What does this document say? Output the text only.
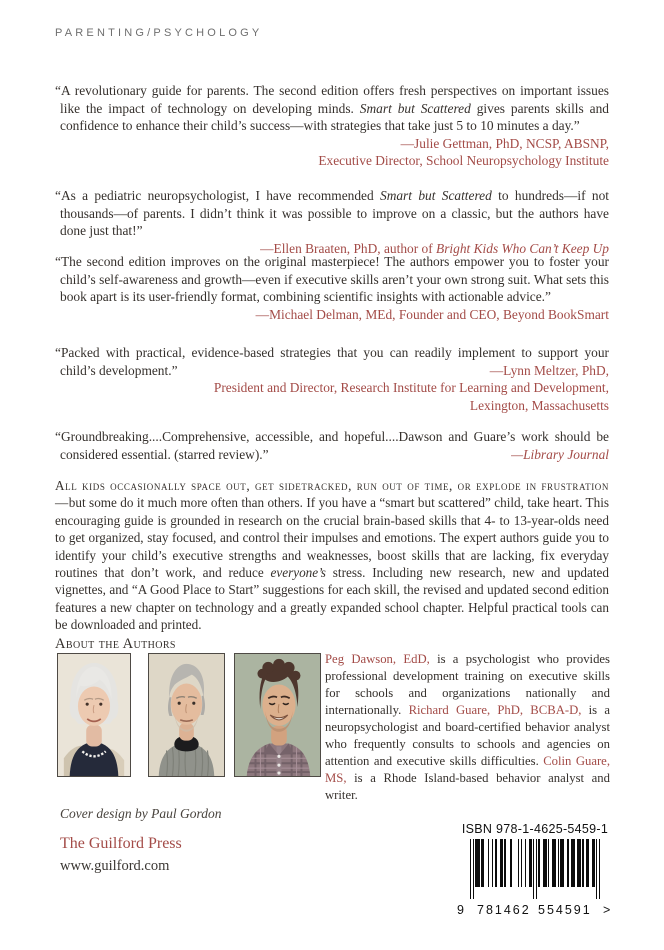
PARENTING/PSYCHOLOGY

“A revolutionary guide for parents. The second edition offers fresh perspectives on important issues like the impact of technology on developing minds. Smart but Scattered gives parents skills and confidence to enhance their child’s success—with strategies that take just 5 to 10 minutes a day.”

—Julie Gettman, PhD, NCSP, ABSNP,
Executive Director, School Neuropsychology Institute

“As a pediatric neuropsychologist, I have recommended Smart but Scattered to hundreds—if not thousands—of parents. I didn’t think it was possible to improve on a classic, but the authors have done just that!”

—Ellen Braaten, PhD, author of Bright Kids Who Can’t Keep Up

“The second edition improves on the original masterpiece! The authors empower you to foster your child’s self-awareness and growth—even if executive skills aren’t your own strong suit. What sets this book apart is its user-friendly format, combining scientific insights with actionable advice.”

—Michael Delman, MEd, Founder and CEO, Beyond BookSmart

“Packed with practical, evidence-based strategies that you can readily implement to support your child’s development.”	—Lynn Meltzer, PhD,

President and Director, Research Institute for Learning and Development,
Lexington, Massachusetts

“Groundbreaking....Comprehensive, accessible, and hopeful....Dawson and Guare’s work should be considered essential. (starred review).”	—Library Journal

All kids occasionally space out, get sidetracked, run out of time, or explode in frustration—but some do it much more often than others. If you have a “smart but scattered” child, take heart. This encouraging guide is grounded in research on the crucial brain-based skills that 4- to 13-year-olds need to get organized, stay focused, and control their impulses and emotions. The expert authors guide you to identify your child’s executive strengths and weaknesses, boost skills that are lacking, fix everyday routines that don’t work, and reduce everyone’s stress. Including new research, new and updated vignettes, and “A Good Place to Start” suggestions for each skill, the revised and updated second edition features a new chapter on technology and a greatly expanded school chapter. Helpful practical tools can be downloaded and printed.

About the Authors

Peg Dawson, EdD, is a psychologist who provides professional development training on executive skills for schools and organizations nationally and internationally. Richard Guare, PhD, BCBA-D, is a neuropsychologist and board-certified behavior analyst who frequently consults to schools and agencies on attention and executive skills difficulties. Colin Guare, MS, is a Rhode Island-based behavior analyst and writer.

Cover design by Paul Gordon
The Guilford Press
www.guilford.com
ISBN 978-1-4625-5459-1
9 781462 554591 >
